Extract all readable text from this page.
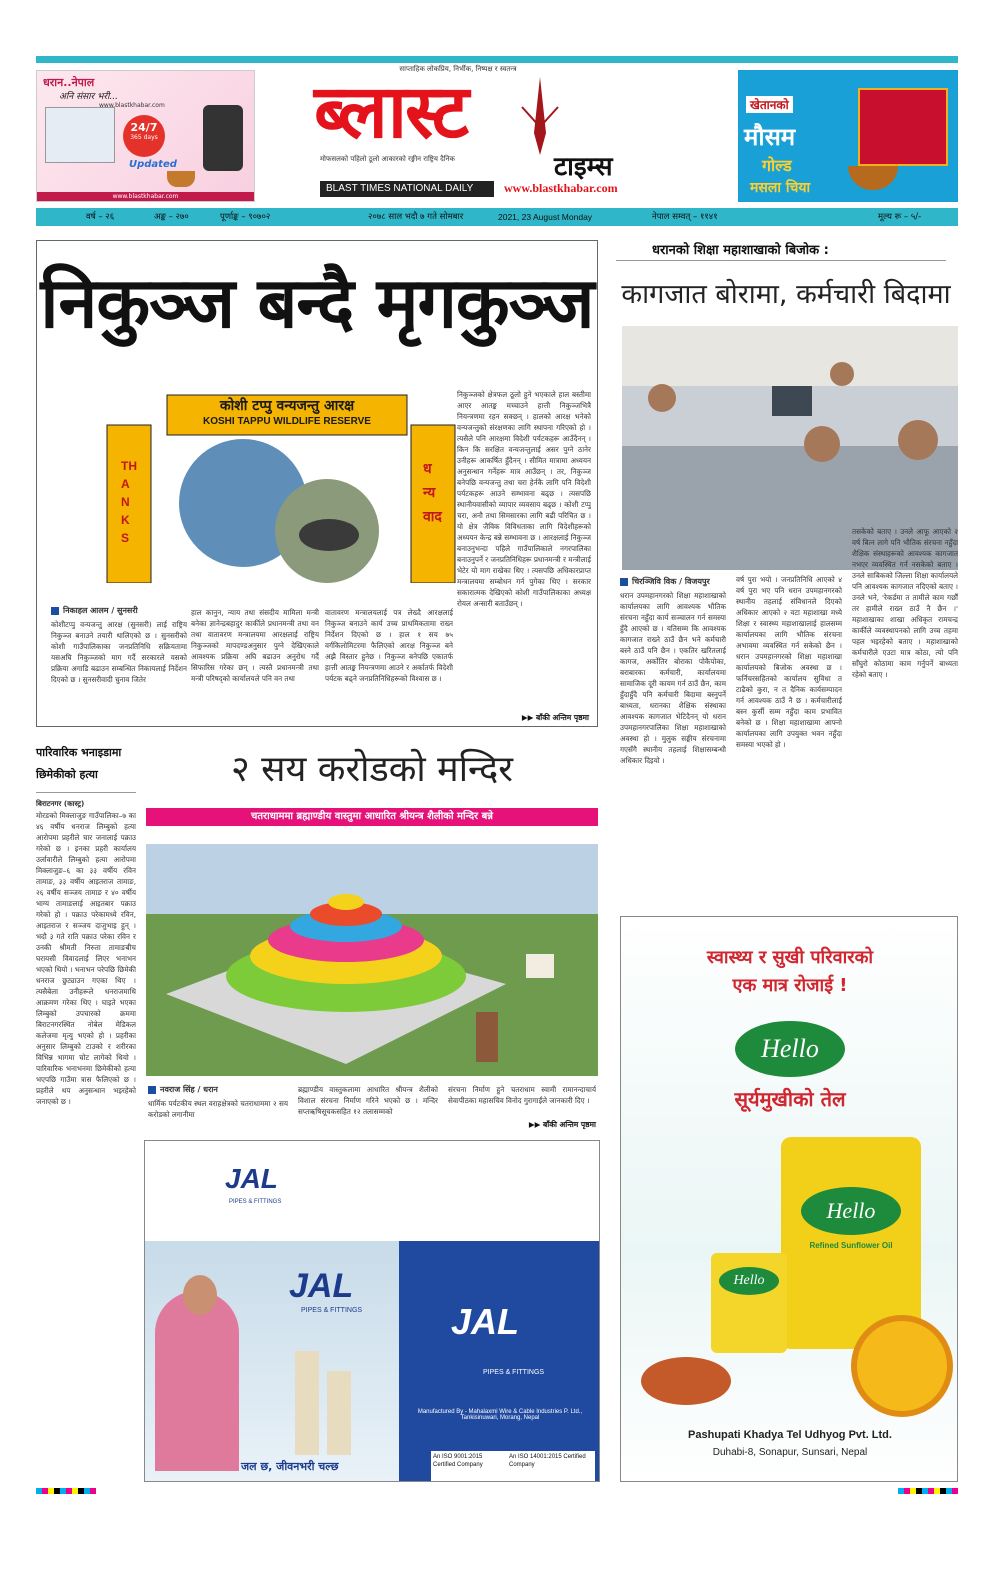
धरान..नेपाल
अनि संसार भरी...
24/7
365 days
Updated
www.blastkhabar.com
www.blastkhabar.com
साप्ताहिक लोकप्रिय, निर्भीक, निष्पक्ष र स्वतन्त्र
ब्लास्ट
मोफसलको पहिलो ठूलो आकारको रङ्गीन राष्ट्रिय दैनिक	टाइम्स
BLAST TIMES NATIONAL DAILY	www.blastkhabar.com
खेतानको
मौसम
गोल्ड
मसला चिया
वर्ष – २६	अङ्क – २७०	पूर्णाङ्क – ९०७०२	२०७८ साल भदौ ७ गते सोमबार	2021, 23 August Monday	नेपाल सम्वत् – ११४१	मूल्य रू – ५/-
निकुञ्ज बन्दै मृगकुञ्ज
कोशी टप्पु वन्यजन्तु आरक्ष
KOSHI TAPPU WILDLIFE RESERVE
THANKS
धन्यवाद
निकुञ्जको क्षेत्रफल ठूलो हुने भएकाले हाल बस्तीमा आएर आतङ्क मच्चाउने हात्ती निकुञ्जभित्रै नियन्त्रणमा रहन सक्छन् । हालको आरक्ष भनेको वन्यजन्तुको संरक्षणका लागि स्थापना गरिएको हो । त्यसैले पनि आरक्षमा विदेशी पर्यटकहरू आउँदैनन् । किन कि सरक्षित वन्यजन्तुलाई असर पुग्ने ठानेर उनीहरू आकर्षित हुँदैनन् । सीमित मात्रामा अध्ययन अनुसन्धान गर्नेहरू मात्र आउँछन् । तर, निकुञ्ज बनेपछि वन्यजन्तु तथा चरा हेर्नकै लागि पनि विदेशी पर्यटकहरू आउने सम्भावना बढ्छ । त्यसपछि स्थानीयवासीको व्यापार व्यवसाय बढ्छ । कोशी टप्पु चरा, अनौ तथा सिमसारका लागि बढी परिचित छ । यो क्षेत्र जैविक विविधताका लागि विदेशीहरूको अध्ययन केन्द्र बन्ने सम्भावना छ । आरक्षलाई निकुञ्ज बनाउनुभन्दा पहिले गाउँपालिकाले नगरपालिका बनाउनुपर्ने र जनप्रतिनिधिहरू प्रधानमन्त्री र मन्त्रीलाई भेटेर यो माग राखेका थिए । त्यसपछि अधिकारप्राप्त मन्त्रालयमा सम्बोधन गर्न पुगेका थिए । सरकार सकारात्मक देखिएको कोशी गाउँपालिकाका अध्यक्ष रोयल अन्सारी बताउँछन् ।
निकाहल आलम / सुनसरी
कोशीटप्पु वन्यजन्तु आरक्ष (सुनसरी) लाई राष्ट्रिय निकुञ्ज बनाउने तयारी थालिएको छ । सुनसरीको कोशी गाउँपालिकाका जनप्रतिनिधि सक्रियतामा यसअघि निकुञ्जको माग गर्दै सरकारले यसको प्रक्रिया अगाडि बढाउन सम्बन्धित निकायलाई निर्देशन दिएको छ । सुनसरीवादी चुनाव जितेर
हाल कानुन, न्याय तथा संसदीय मामिला मन्त्री बनेका ज्ञानेन्द्रबहादुर कार्कीले प्रधानमन्त्री तथा वन तथा वातावरण मन्त्रालयमा आरक्षलाई राष्ट्रिय निकुञ्जको मापदण्डअनुसार पुग्ने देखिएकाले आवश्यक प्रक्रिया अघि बढाउन अनुरोध गर्दै सिफारिस गरेका छन् । त्यस्तै प्रधानमन्त्री तथा मन्त्री परिषद्को कार्यालयले पनि वन तथा
वातावरण मन्त्रालयलाई पत्र लेख्दै आरक्षलाई निकुञ्ज बनाउने कार्य उच्च प्राथमिकतामा राख्न निर्देशन दिएको छ । हाल १ सय ७५ वर्गकिलोमिटरमा फैलिएको आरक्ष निकुञ्ज बने अझै विस्तार हुनेछ । निकुञ्ज बनेपछि एकातर्फ हात्ती आतङ्क नियन्त्रणमा आउने र अर्कातर्फ विदेशी पर्यटक बढ्ने जनप्रतिनिधिहरूको विश्वास छ ।
▶▶ बाँकी अन्तिम पृष्ठमा
धरानको शिक्षा महाशाखाको बिजोक :
कागजात बोरामा, कर्मचारी बिदामा
चिरञ्जिवि विक / विजयपुर
धरान उपमहानगरको शिक्षा महाशाखाको कार्यालयका लागि आवश्यक भौतिक संरचना नहुँदा कार्य सञ्चालन गर्न समस्या हुँदै आएको छ । यतिसम्म कि आवश्यक कागजात राख्ने ठाउँ छैन भने कर्मचारी बस्ने ठाउँ पनि छैन । एकतिर खरितलाई कागज, अर्कोतिर बोराका पोकैपोका, बराबारका कर्मचारी, कार्यालयमा सामाजिक दूरी कायम गर्न ठाउँ छैन, काम हुँदाहुँदै पनि कर्मचारी बिदामा बस्नुपर्ने बाध्यता, धरानका शैक्षिक संस्थाका आवश्यक कागजात भेटिदैनन् यो धरान उपमहानगरपालिका शिक्षा महाशाखाको अवस्था हो । मुलुक सङ्घीय संरचनामा गएसँगै स्थानीय तहलाई शिक्षासम्बन्धी अधिकार दिइयो ।
वर्ष पुरा भयो । जनप्रतिनिधि आएको ४ वर्ष पुरा भए पनि धरान उपमहानगरको स्थानीय तहलाई संविधानले दिएको अधिकार आएको २ वटा महाशाखा मध्ये शिक्षा र स्वास्थ्य महाशाखालाई हालसम्म कार्यालयका लागि भौतिक संरचना अभावमा व्यवस्थित गर्न सकेको छैन । धरान उपमहानगरको शिक्षा महाशाखा कार्यालयको बिजोक अवस्था छ । फर्निचरसहितको कार्यालय सुविधा त टाढैको कुरा, न त दैनिक कार्यसम्पादन गर्न आवश्यक ठाउँ नै छ । कर्मचारीलाई बस्न कुर्सी सम्म नहुँदा काम प्रभावित बनेको छ । शिक्षा महाशाखामा आफ्नो कार्यालयका लागि उपयुक्त भवन नहुँदा समस्या भएको हो ।
तसकेको बताए । उनले आफू आएको २ वर्ष बित्न लागे पनि भौतिक संरचना नहुँदा शैक्षिक संस्थाहरूको आवश्यक कागजात नभएर व्यवस्थित गर्न नसकेको बताए । उनले साबिकको जिल्ला शिक्षा कार्यालयले पनि आवश्यक कागजात नदिएको बताए । उनले भने, 'रेकर्डमा त तामीले काम गर्छौं तर हामीले राख्न ठाउँ नै छैन ।' महाशाखाका शाखा अधिकृत रामचन्द्र कार्कीले व्यवस्थापनको लागि उच्च तहमा पहल भइरहेको बताए । महाशाखाको कर्मचारीले एउटा मात्र कोठा, त्यो पनि साँघुरो कोठामा काम गर्नुपर्ने बाध्यता रहेको बताए ।
पारिवारिक भनाइडामा छिमेकीको हत्या
बिराटनगर (कास्ट्र)
मोरङको मिक्लाजुङ गाउँपालिका–७ का ४६ वर्षीय धनराज लिम्बुको हत्या आरोपमा प्रहरीले चार जनालाई पक्राउ गरेको छ । इनका प्रहरी कार्यालय उर्लावारीले लिम्बुको हत्या आरोपमा मिक्लाजुङ–६ का ३३ वर्षीय रविन तामाङ, ३३ वर्षीय आइतराज तामाङ, २६ वर्षीय सञ्जय तामाङ र ४० वर्षीय भाग्य तामाङलाई आइतबार पक्राउ गरेको हो । पक्राउ परेकामध्ये रविन, आइतराज र सञ्जय दाजुभाइ हुन् । भदौ ३ गते राति पक्राउ परेका रविन र उनकी श्रीमती निरुता तामाङबीच घरायसी विवादलाई लिएर भनाभन भएको थियो । भनाभन परेपछि छिमेकी धनराज छुट्याउन गएका थिए । त्यसैबेला उनीहरूले धनराजमाथि आक्रमण गरेका थिए । घाइते भएका लिम्बुको उपचारको क्रममा बिराटनगरस्थित नोबेल मेडिकल कलेजमा मृत्यु भएको हो । प्रहरीका अनुसार लिम्बुको टाउको र शरीरका विभिन्न भागमा चोट लागेको थियो । पारिवारिक भनाभनमा छिमेकीको हत्या भएपछि गाउँमा त्रास फैलिएको छ । प्रहरीले थप अनुसन्धान भइरहेको जनाएको छ ।
२ सय करोडको मन्दिर
चतराधाममा ब्रह्माण्डीय वास्तुमा आधारित श्रीयन्त्र शैलीको मन्दिर बन्ने
नवराज सिंह / धरान
धार्मिक पर्यटकीय स्थल वराहक्षेत्रको चतराधाममा २ सय करोडको लगानीमा
ब्रह्माण्डीय वास्तुकलामा आधारित श्रीयन्त्र शैलीको विशाल संरचना निर्माण गरिने भएको छ । मन्दिर सप्तऋषिसूचकसहित १२ तलासम्मको
संरचना निर्माण हुने चतराधाम स्वामी रामानन्दाचार्य सेवापीठका महासचिव विनोद गुरागाईंले जानकारी दिए ।
▶▶ बाँकी अन्तिम पृष्ठमा
JAL
PIPES & FITTINGS
JAL
PIPES & FITTINGS
जल छ, जीवनभरी चल्छ
JAL
PIPES & FITTINGS
Manufactured By - Mahalaxmi Wire & Cable Industries P. Ltd., Tankisinuwari, Morang, Nepal
An ISO 9001:2015 Certified Company
An ISO 14001:2015 Certified Company
स्वास्थ्य र सुखी परिवारको
एक मात्र रोजाई !
Hello
सूर्यमुखीको तेल
Hello
Refined Sunflower Oil
Hello
Pashupati Khadya Tel Udhyog Pvt. Ltd.
Duhabi-8, Sonapur, Sunsari, Nepal
